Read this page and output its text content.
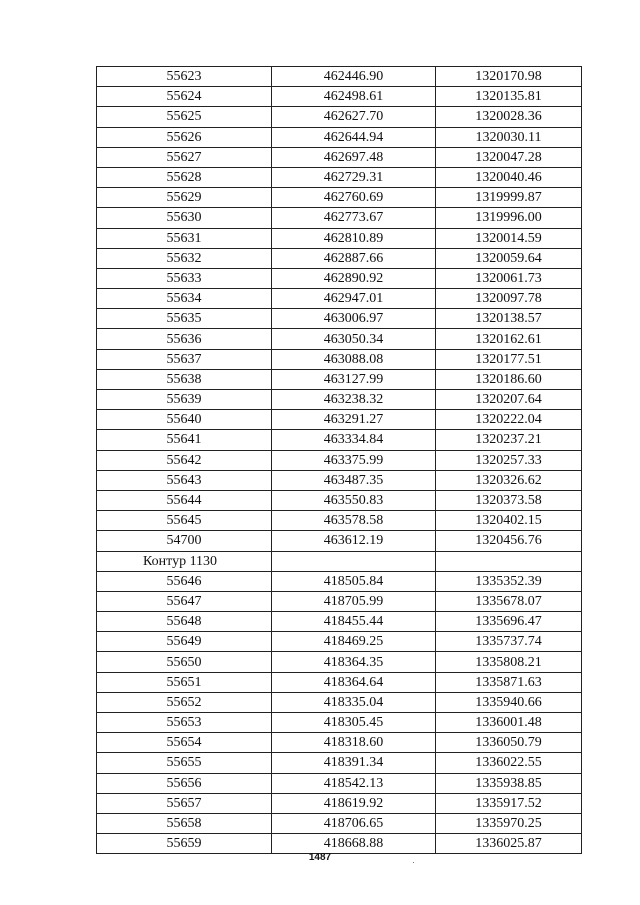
55623	462446.90	1320170.98
55624	462498.61	1320135.81
55625	462627.70	1320028.36
55626	462644.94	1320030.11
55627	462697.48	1320047.28
55628	462729.31	1320040.46
55629	462760.69	1319999.87
55630	462773.67	1319996.00
55631	462810.89	1320014.59
55632	462887.66	1320059.64
55633	462890.92	1320061.73
55634	462947.01	1320097.78
55635	463006.97	1320138.57
55636	463050.34	1320162.61
55637	463088.08	1320177.51
55638	463127.99	1320186.60
55639	463238.32	1320207.64
55640	463291.27	1320222.04
55641	463334.84	1320237.21
55642	463375.99	1320257.33
55643	463487.35	1320326.62
55644	463550.83	1320373.58
55645	463578.58	1320402.15
54700	463612.19	1320456.76
Контур 1130		
55646	418505.84	1335352.39
55647	418705.99	1335678.07
55648	418455.44	1335696.47
55649	418469.25	1335737.74
55650	418364.35	1335808.21
55651	418364.64	1335871.63
55652	418335.04	1335940.66
55653	418305.45	1336001.48
55654	418318.60	1336050.79
55655	418391.34	1336022.55
55656	418542.13	1335938.85
55657	418619.92	1335917.52
55658	418706.65	1335970.25
55659	418668.88	1336025.87
1487
